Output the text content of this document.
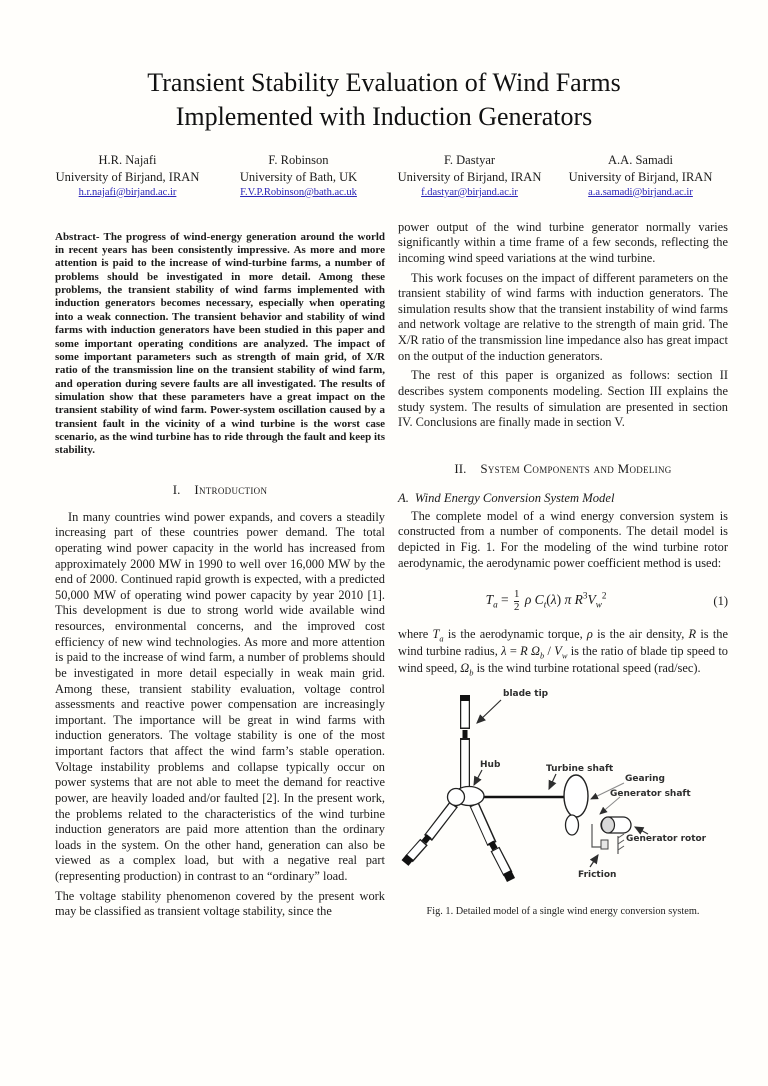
Transient Stability Evaluation of Wind Farms
Implemented with Induction Generators
H.R. Najafi
University of Birjand, IRAN
h.r.najafi@birjand.ac.ir
F. Robinson
University of Bath, UK
F.V.P.Robinson@bath.ac.uk
F. Dastyar
University of Birjand, IRAN
f.dastyar@birjand.ac.ir
A.A. Samadi
University of Birjand, IRAN
a.a.samadi@birjand.ac.ir

Abstract- The progress of wind-energy generation around the world in recent years has been consistently impressive. As more and more attention is paid to the increase of wind-turbine farms, a number of problems should be investigated in more detail. Among these problems, the transient stability of wind farms implemented with induction generators becomes necessary, especially when operating into a weak connection. The transient behavior and stability of wind farms with induction generators have been studied in this paper and some important operating conditions are analyzed. The impact of some important parameters such as strength of main grid, of X/R ratio of the transmission line on the transient stability of wind farm, and operation during severe faults are all investigated. The results of simulation show that these parameters have a great impact on the transient stability of wind farm. Power-system oscillation caused by a transient fault in the vicinity of a wind turbine is the worst case scenario, as the wind turbine has to ride through the fault and keep its stability.

I. Introduction

In many countries wind power expands, and covers a steadily increasing part of these countries power demand. The total operating wind power capacity in the world has increased from approximately 2000 MW in 1990 to well over 16,000 MW by the end of 2000. Continued rapid growth is expected, with a predicted 50,000 MW of operating wind power capacity by year 2010 [1]. This development is due to strong world wide available wind resources, environmental concerns, and the improved cost efficiency of new wind technologies. As more and more attention is paid to the increase of wind farm, a number of problems should be investigated in more detail especially in weak main grid. Among these, transient stability evaluation, voltage control assessments and reactive power compensation are increasingly important. The importance will be great in wind farms with induction generators. The voltage stability is one of the most important factors that affect the wind farm’s stable operation. Voltage instability problems and collapse typically occur on power systems that are not able to meet the demand for reactive power, are heavily loaded and/or faulted [2]. In the present work, the problems related to the characteristics of the wind turbine induction generators are paid more attention than the ordinary loads in the system. On the other hand, generation can also be viewed as a complex load, but with a negative real part (representing production) in contrast to an “ordinary” load.

The voltage stability phenomenon covered by the present work may be classified as transient voltage stability, since the

power output of the wind turbine generator normally varies significantly within a time frame of a few seconds, reflecting the incoming wind speed variations at the wind turbine.

This work focuses on the impact of different parameters on the transient stability of wind farms with induction generators. The simulation results show that the transient instability of wind farms and network voltage are relative to the strength of main grid. The X/R ratio of the transmission line impedance also has great impact on the output of the induction generators.

The rest of this paper is organized as follows: section II describes system components modeling. Section III explains the study system. The results of simulation are presented in section IV. Conclusions are finally made in section V.

II. System Components and Modeling
A. Wind Energy Conversion System Model

The complete model of a wind energy conversion system is constructed from a number of components. The detail model is depicted in Fig. 1. For the modeling of the wind turbine rotor aerodynamic, the aerodynamic power coefficient method is used:

$T_a = \frac{1}{2}$ ρ $C_t(\lambda)$ π $R^3V_w^2$	(1)

where $T_a$ is the aerodynamic torque, ρ is the air density, R is the wind turbine radius, λ = R $\Omega_b / V_w$ is the ratio of blade tip speed to wind speed, $\Omega_b$ is the wind turbine rotational speed (rad/sec).

blade tip
Hub	Turbine shaft
Gearing
Generator shaft
Generator rotor
Friction
Fig. 1. Detailed model of a single wind energy conversion system.
